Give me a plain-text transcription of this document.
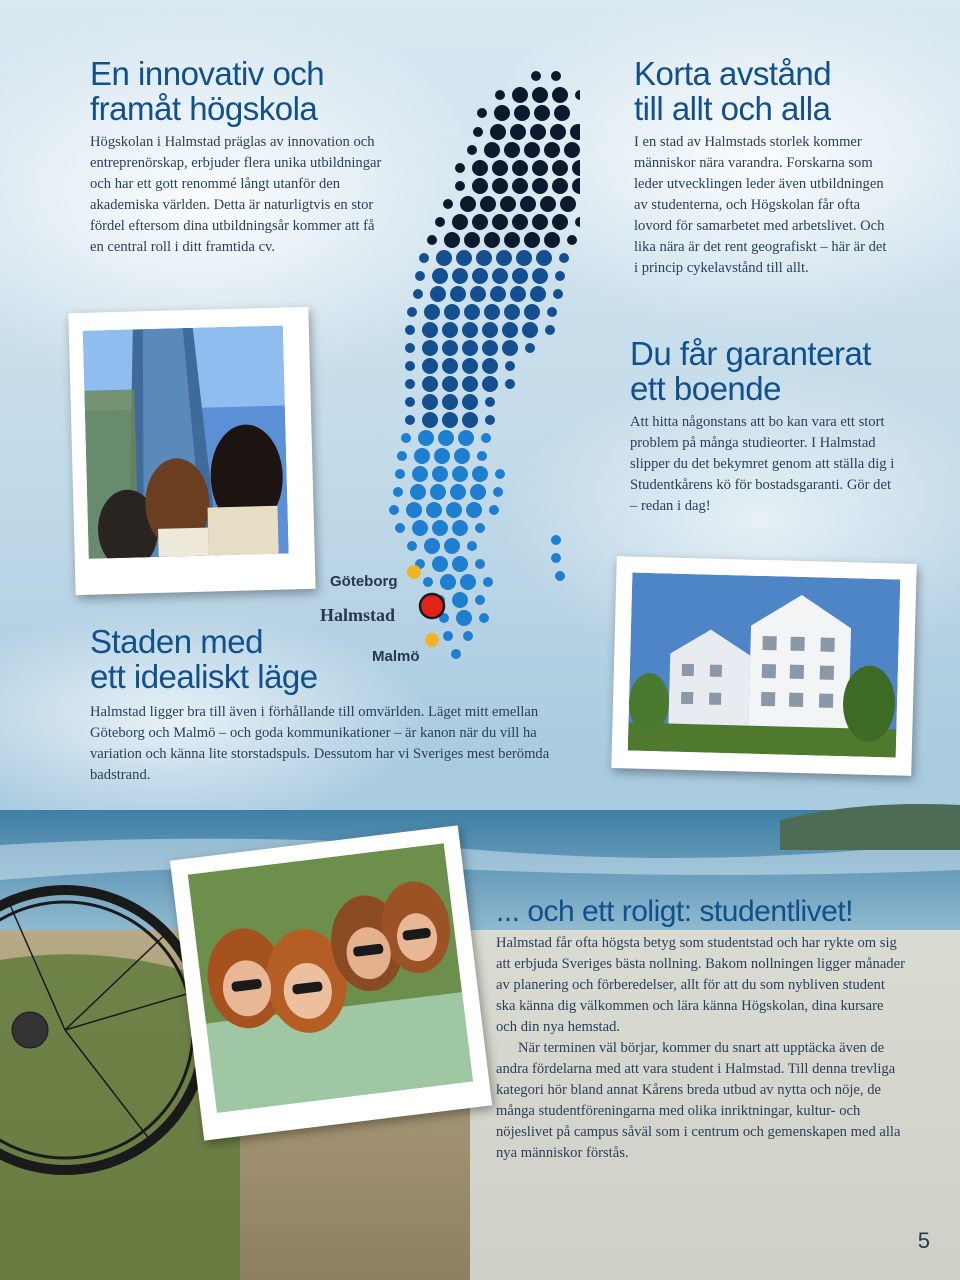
En innovativ och
framåt högskola

Högskolan i Halmstad präglas av innovation och entreprenörskap, erbjuder flera unika utbildningar och har ett gott renommé långt utanför den akademiska världen. Detta är naturligtvis en stor fördel eftersom dina utbildningsår kommer att få en central roll i ditt framtida cv.

Korta avstånd
till allt och alla

I en stad av Halmstads storlek kommer människor nära varandra. Forskarna som leder utvecklingen leder även utbildningen av studenterna, och Högskolan får ofta lovord för samarbetet med arbetslivet. Och lika nära är det rent geografiskt – här är det i princip cykelavstånd till allt.

Du får garanterat
ett boende

Att hitta någonstans att bo kan vara ett stort problem på många studieorter. I Halmstad slipper du det bekymret genom att ställa dig i Studentkårens kö för bostadsgaranti. Gör det – redan i dag!

Staden med
ett idealiskt läge

Halmstad ligger bra till även i förhållande till omvärlden. Läget mitt emellan Göteborg och Malmö – och goda kommunikationer – är kanon när du vill ha variation och känna lite storstadspuls. Dessutom har vi Sveriges mest berömda badstrand.

... och ett roligt: studentlivet!

Halmstad får ofta högsta betyg som studentstad och har rykte om sig att erbjuda Sveriges bästa nollning. Bakom nollningen ligger månader av planering och förberedelser, allt för att du som nybliven student ska känna dig välkommen och lära känna Högskolan, dina kursare och din nya hemstad.

När terminen väl börjar, kommer du snart att upptäcka även de andra fördelarna med att vara student i Halmstad. Till denna trevliga kategori hör bland annat Kårens breda utbud av nytta och nöje, de många studentföreningarna med olika inriktningar, kultur- och nöjeslivet på campus såväl som i centrum och gemenskapen med alla nya människor förstås.

Göteborg
Halmstad
Malmö
5
